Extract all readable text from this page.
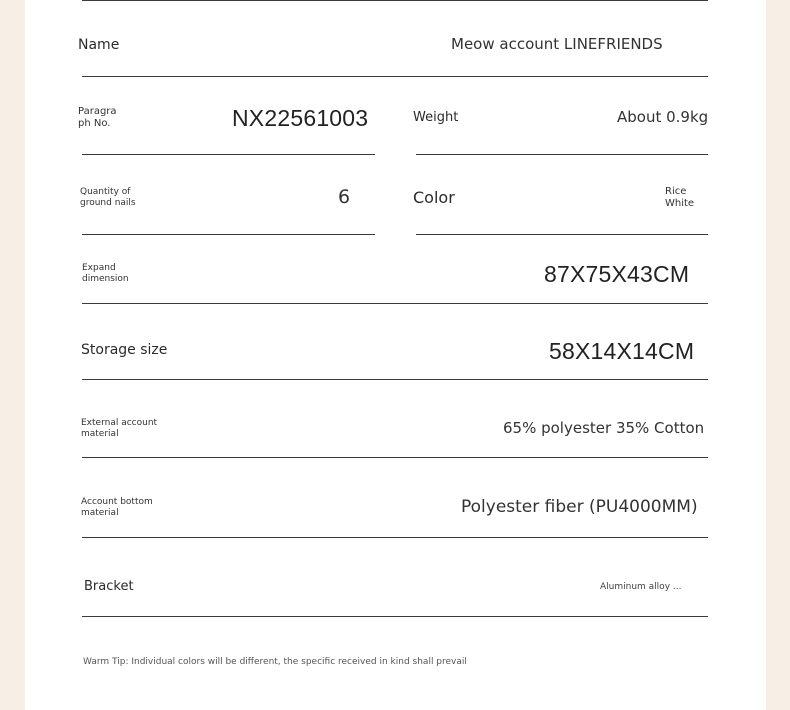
Name	Meow account LINEFRIENDS
Paragra
ph No.	NX22561003	Weight	About 0.9kg
Quantity of
ground nails	6	Color	Rice
White
Expand
dimension	87X75X43CM
Storage size	58X14X14CM
External account
material	65% polyester 35% Cotton
Account bottom
material	Polyester fiber (PU4000MM)
Bracket	Aluminum alloy ...
Warm Tip: Individual colors will be different, the specific received in kind shall prevail
